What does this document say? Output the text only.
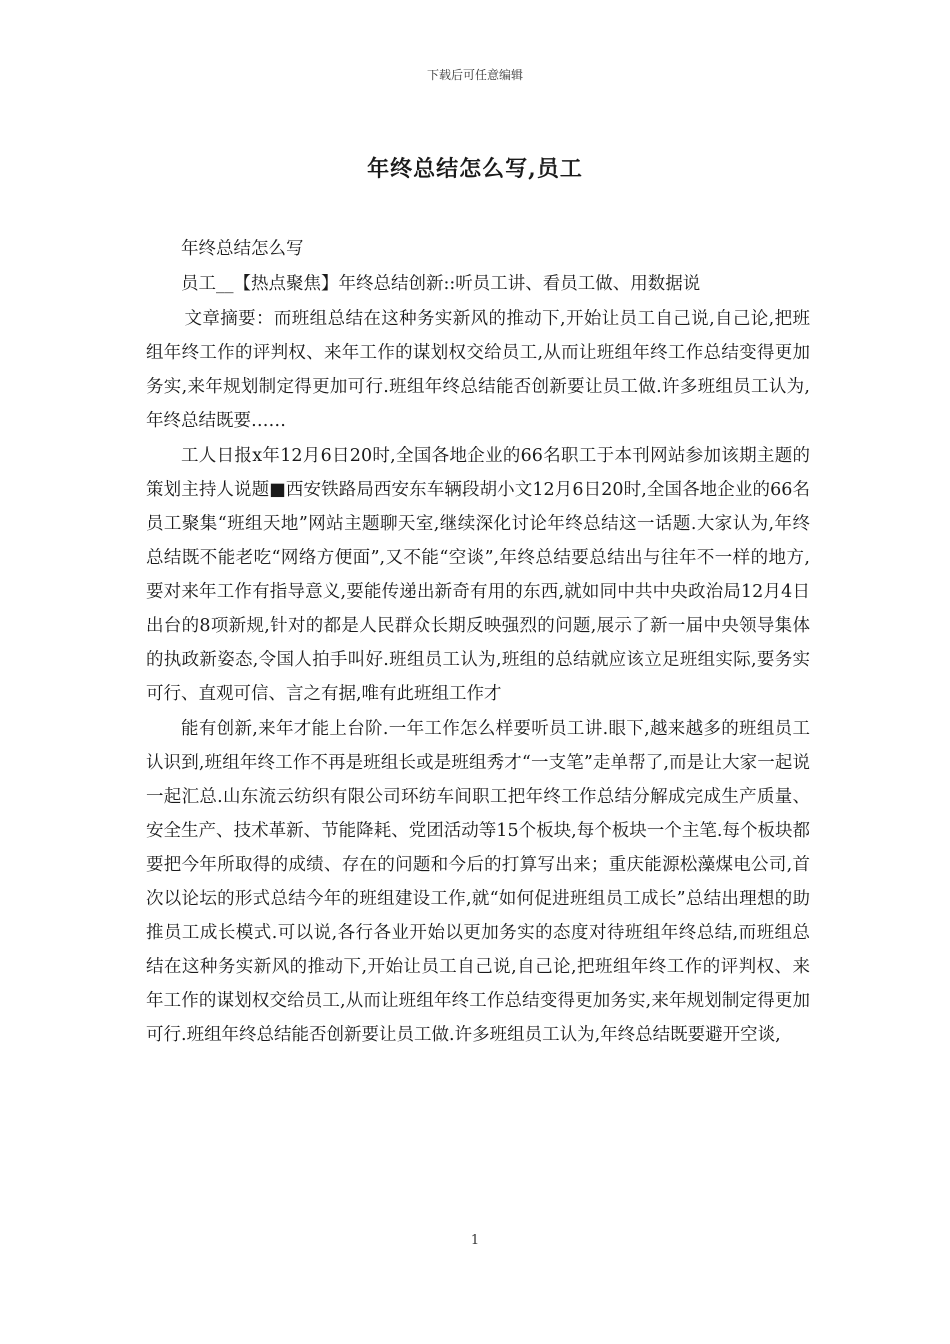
下载后可任意编辑
年终总结怎么写,员工

年终总结怎么写

员工__【热点聚焦】年终总结创新::听员工讲、看员工做、用数据说

文章摘要：而班组总结在这种务实新风的推动下,开始让员工自己说,自己论,把班组年终工作的评判权、来年工作的谋划权交给员工,从而让班组年终工作总结变得更加务实,来年规划制定得更加可行.班组年终总结能否创新要让员工做.许多班组员工认为,年终总结既要……

工人日报x年12月6日20时,全国各地企业的66名职工于本刊网站参加该期主题的策划主持人说题■西安铁路局西安东车辆段胡小文12月6日20时,全国各地企业的66名员工聚集“班组天地”网站主题聊天室,继续深化讨论年终总结这一话题.大家认为,年终总结既不能老吃“网络方便面”,又不能“空谈”,年终总结要总结出与往年不一样的地方,要对来年工作有指导意义,要能传递出新奇有用的东西,就如同中共中央政治局12月4日出台的8项新规,针对的都是人民群众长期反映强烈的问题,展示了新一届中央领导集体的执政新姿态,令国人拍手叫好.班组员工认为,班组的总结就应该立足班组实际,要务实可行、直观可信、言之有据,唯有此班组工作才

能有创新,来年才能上台阶.一年工作怎么样要听员工讲.眼下,越来越多的班组员工认识到,班组年终工作不再是班组长或是班组秀才“一支笔”走单帮了,而是让大家一起说一起汇总.山东流云纺织有限公司环纺车间职工把年终工作总结分解成完成生产质量、安全生产、技术革新、节能降耗、党团活动等15个板块,每个板块一个主笔.每个板块都要把今年所取得的成绩、存在的问题和今后的打算写出来；重庆能源松藻煤电公司,首次以论坛的形式总结今年的班组建设工作,就“如何促进班组员工成长”总结出理想的助推员工成长模式.可以说,各行各业开始以更加务实的态度对待班组年终总结,而班组总结在这种务实新风的推动下,开始让员工自己说,自己论,把班组年终工作的评判权、来年工作的谋划权交给员工,从而让班组年终工作总结变得更加务实,来年规划制定得更加可行.班组年终总结能否创新要让员工做.许多班组员工认为,年终总结既要避开空谈,

1
